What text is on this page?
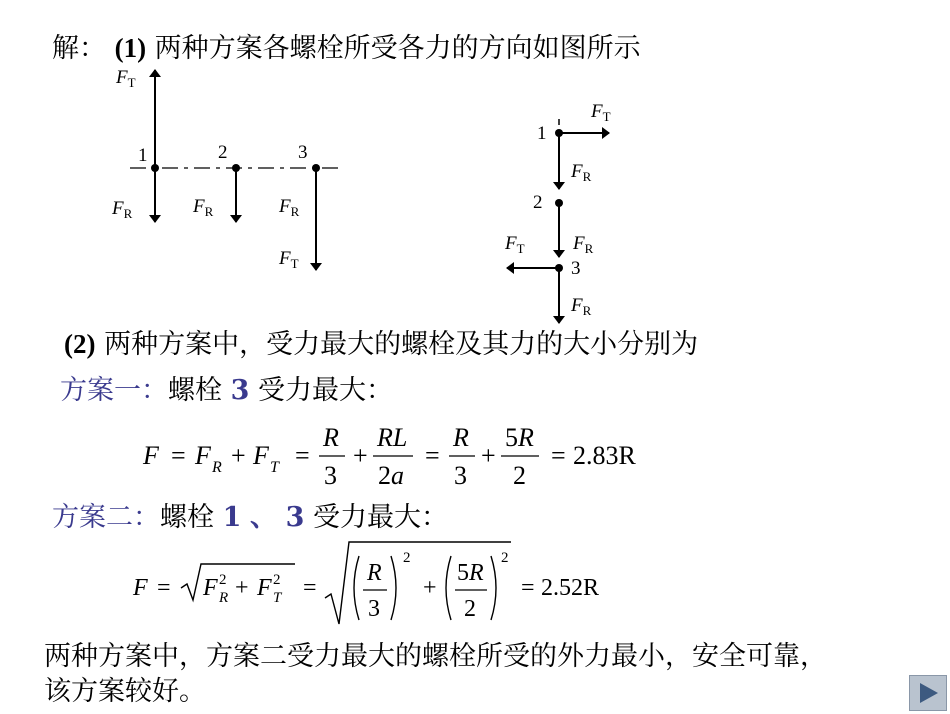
解： (1) 两种方案各螺栓所受各力的方向如图所示
$F_T$
1	2	3
$F_R$	$F_R$	$F_R$
$F_T$
1
$F_T$
$F_R$
2
$F_T$	$F_R$
3
$F_R$
(2) 两种方案中，受力最大的螺栓及其力的大小分别为
方案一：螺栓 3 受力最大：
F = F R + F T =
R
3
+
RL
2a
=
R
3
+
5R
2
= 2.83R
方案二：螺栓 1 、 3 受力最大：
F = F R
2 + F T
2 =
R
3
2
+
5R
2
2
= 2.52R
两种方案中，方案二受力最大的螺栓所受的外力最小，安全可靠，
该方案较好。
